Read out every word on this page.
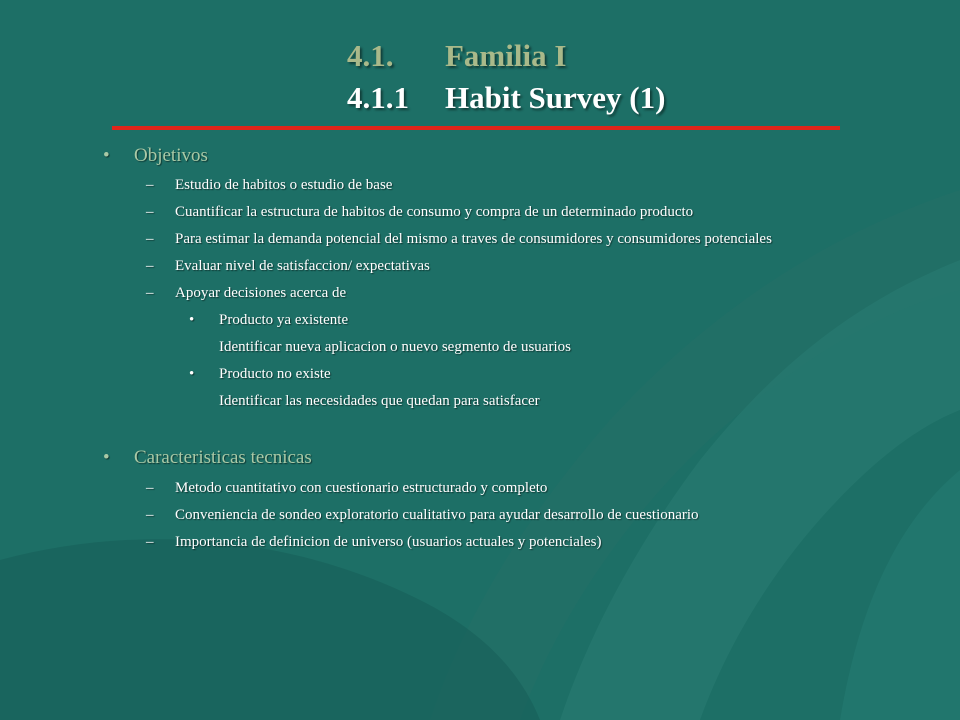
4.1. Familia I
4.1.1 Habit Survey (1)
• Objetivos
– Estudio de habitos o estudio de base
– Cuantificar la estructura de habitos de consumo y compra de un determinado producto
– Para estimar la demanda potencial del mismo a traves de consumidores y consumidores potenciales
– Evaluar nivel de satisfaccion/ expectativas
– Apoyar decisiones acerca de
• Producto ya existente
Identificar nueva aplicacion o nuevo segmento de usuarios
• Producto no existe
Identificar las necesidades que quedan para satisfacer
• Caracteristicas tecnicas
– Metodo cuantitativo con cuestionario estructurado y completo
– Conveniencia de sondeo exploratorio cualitativo para ayudar desarrollo de cuestionario
– Importancia de definicion de universo (usuarios actuales y potenciales)
